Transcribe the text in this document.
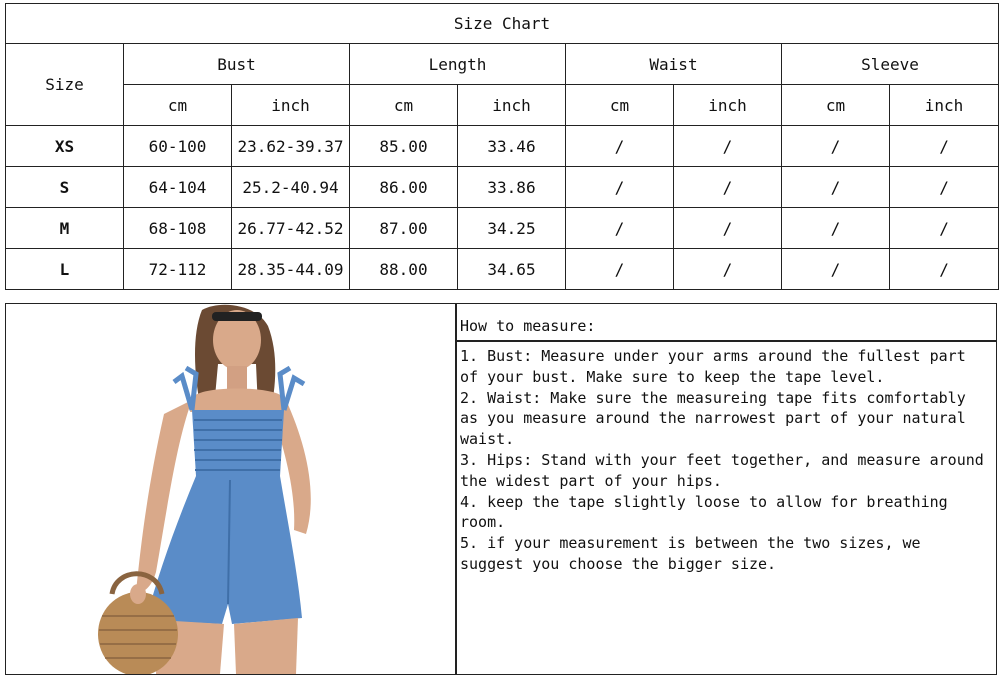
Size Chart								
Size	Bust		Length		Waist		Sleeve	
	cm	inch	cm	inch	cm	inch	cm	inch
XS	60-100	23.62-39.37	85.00	33.46	/	/	/	/
S	64-104	25.2-40.94	86.00	33.86	/	/	/	/
M	68-108	26.77-42.52	87.00	34.25	/	/	/	/
L	72-112	28.35-44.09	88.00	34.65	/	/	/	/
How to measure:
1. Bust: Measure under your arms around the fullest part of your bust. Make sure to keep the tape level.
2. Waist: Make sure the measureing tape fits comfortably as you measure around the narrowest part of your natural waist.
3. Hips: Stand with your feet together, and measure around the widest part of your hips.
4. keep the tape slightly loose to allow for breathing room.
5. if your measurement is between the two sizes, we suggest you choose the bigger size.
